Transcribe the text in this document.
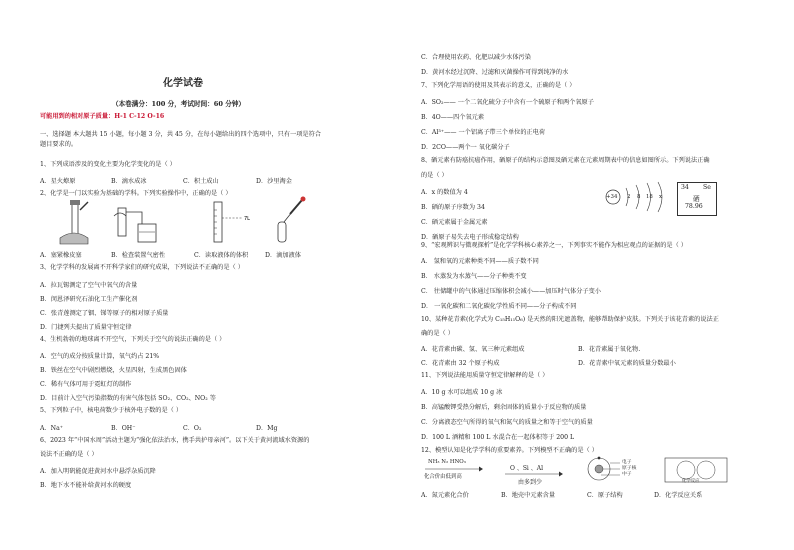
化学试卷
（本卷满分：100 分，考试时间：60 分钟）
可能用到的相对原子质量：H-1 C-12 O-16
一、选择题 本大题共 15 小题，每小题 3 分，共 45 分，在每小题给出的四个选项中，只有一项是符合
题目要求的。
1、下列成语涉及的变化主要为化学变化的是（ ）
A．星火燎原	B．滴水成冰	C．积土成山	D．沙里淘金
2、化学是一门以实验为基础的学科。下列实验操作中，正确的是（ ）
7L
A．塞紧橡皮塞	B．检查装置气密性	C．读取液体的体积	D．滴加液体
3、化学学科的发展离不开科学家们的研究成果，下列说法不正确的是（ ）
A．拉瓦锡测定了空气中氧气的含量
B．闵恩泽研究石油化工生产催化剂
C．张青莲测定了铟、锑等原子的相对原子质量
D．门捷列夫提出了质量守恒定律
4、生机勃勃的地球离不开空气，下列关于空气的说法正确的是（ ）
A．空气的成分按质量计算，氧气约占 21%
B．铁丝在空气中剧烈燃烧，火星四射，生成黑色固体
C．稀有气体可用于霓虹灯的制作
D．目前计入空气污染指数的有害气体包括 SO₂、CO₂、NO₂ 等
5、下列粒子中，核电荷数少于核外电子数的是（ ）
A．Na⁺	B．OH⁻	C．O₂	D．Mg
6、2023 年“中国水周”活动主题为“强化依法治水，携手共护母亲河”。以下关于黄河流域水资源的
说法不正确的是（ ）
A．加入明矾能促进黄河水中悬浮杂质沉降
B．地下水不能补给黄河水的硬度
C．合理使用农药、化肥以减少水体污染
D．黄河水经过沉降、过滤和灭菌操作可得到纯净的水
7、下列化学用语的使用及其表示的意义，正确的是（ ）
A．SO₂—— 一个二氧化硫分子中含有一个硫原子和两个氧原子
B．4O——四个氧元素
C．Al³⁺—— 一个铝离子带三个单位的正电荷
D．2CO——两个一 氧化碳分子
8、硒元素有防癌抗癌作用，硒原子的结构示意图及硒元素在元素周期表中的信息如图所示。下列说法正确
的是（ ）
A．x 的数值为 4
B．硒的原子序数为 34
C．硒元素属于金属元素
D．硒原子易失去电子形成稳定结构
+34 2 8 18 x
34 Se
硒
78.96
9、“宏观辨识与微观探析”是化学学科核心素养之一，下列事实不能作为相应观点的证据的是（ ）
A． 氢和氧的元素种类不同——质子数不同
B． 水蒸发为水蒸气——分子种类不变
C． 往储罐中的气体通过压缩体积会减小——加压时气体分子变小
D． 一氧化碳和二氧化碳化学性质不同——分子构成不同
10、某种花青素(化学式为 C₁₅H₁₁O₆) 是天然的阳光遮盖物，能够帮助保护皮肤。下列关于该花青素的说法正
确的是（ ）
A．花青素由碳、氢、氧三种元素组成	B．花青素属于氧化物.
C．花青素由 32 个原子构成	D．花青素中氧元素的质量分数最小
11、下列说法能用质量守恒定律解释的是（ ）
A．10 g 水可以组成 10 g 冰
B．高锰酸钾受热分解后，剩余固体的质量小于反应物的质量
C．分离液态空气所得的氧气和氮气的质量之和等于空气的质量
D．100 L 酒精和 100 L 水混合在一起体积等于 200 L
12、模型认知是化学学科的重要素养。下列模型不正确的是（ ）
NH₃ N₂ HNO₃
化合价由低到高
O 、Si 、Al
由多到少
电子
原子核
中子
化学反应
A．氮元素化合价	B．地壳中元素含量	C．原子结构	D．化学反应关系
